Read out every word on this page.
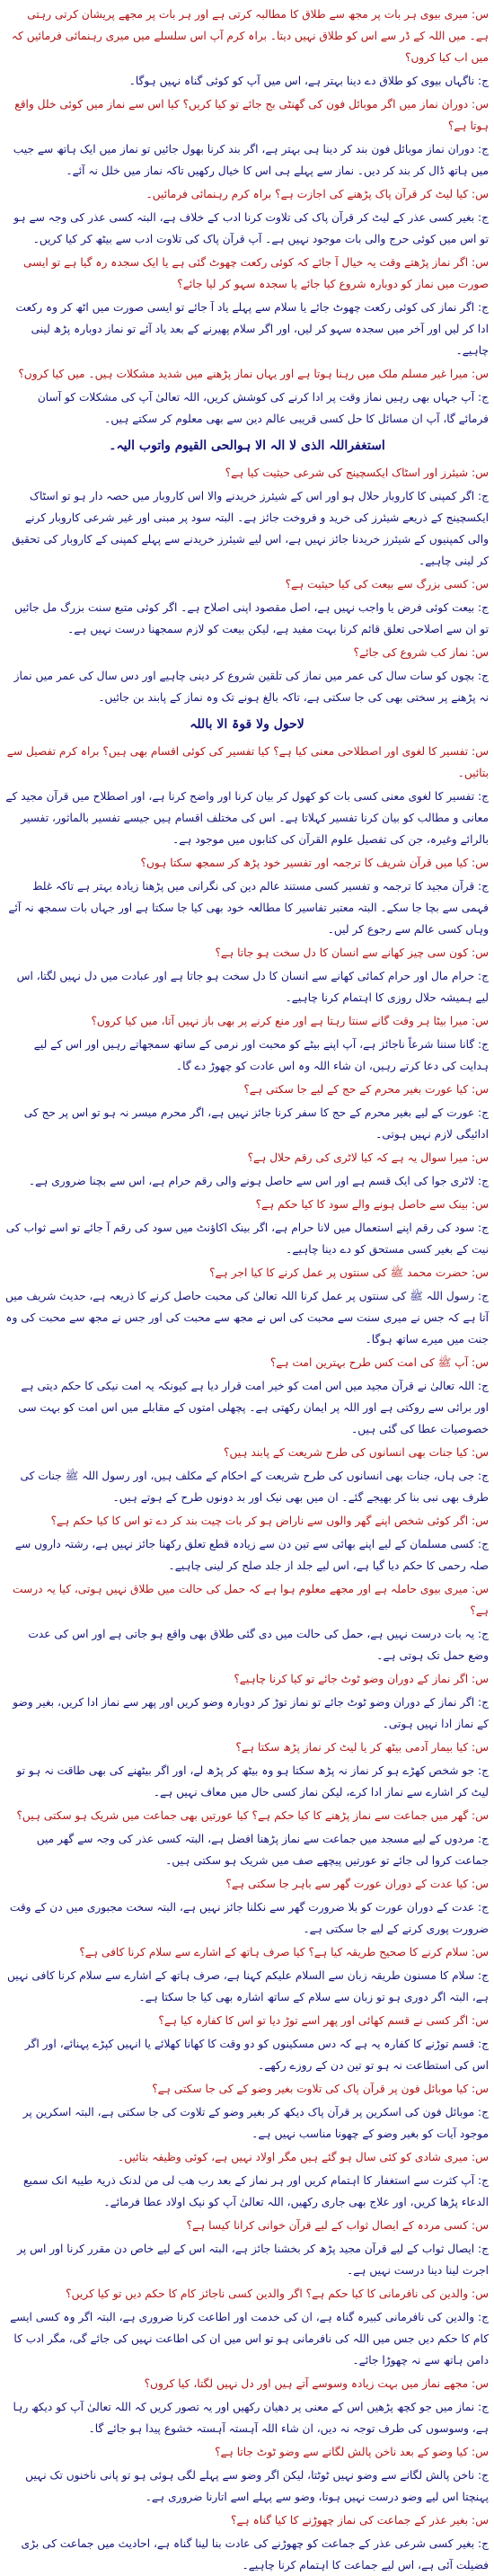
س: میری بیوی ہر بات پر مجھ سے طلاق کا مطالبہ کرتی ہے اور ہر بات پر مجھے پریشان کرتی رہتی ہے۔ میں اللہ کے ڈر سے اس کو طلاق نہیں دیتا۔ براہ کرم آپ اس سلسلے میں میری رہنمائی فرمائیں کہ میں اب کیا کروں؟
ج: ناگہاں بیوی کو طلاق دے دینا بہتر ہے، اس میں آپ کو کوئی گناہ نہیں ہوگا۔
س: دوران نماز میں اگر موبائل فون کی گھنٹی بج جائے تو کیا کریں؟ کیا اس سے نماز میں کوئی خلل واقع ہوتا ہے؟
ج: دوران نماز موبائل فون بند کر دینا ہی بہتر ہے، اگر بند کرنا بھول جائیں تو نماز میں ایک ہاتھ سے جیب میں ہاتھ ڈال کر بند کر دیں۔ نماز سے پہلے ہی اس کا خیال رکھیں تاکہ نماز میں خلل نہ آئے۔
س: کیا لیٹ کر قرآن پاک پڑھنے کی اجازت ہے؟ براہ کرم رہنمائی فرمائیں۔
ج: بغیر کسی عذر کے لیٹ کر قرآن پاک کی تلاوت کرنا ادب کے خلاف ہے، البتہ کسی عذر کی وجہ سے ہو تو اس میں کوئی حرج والی بات موجود نہیں ہے۔ آپ قرآن پاک کی تلاوت ادب سے بیٹھ کر کیا کریں۔
س: اگر نماز پڑھتے وقت یہ خیال آ جائے کہ کوئی رکعت چھوٹ گئی ہے یا ایک سجدہ رہ گیا ہے تو ایسی صورت میں نماز کو دوبارہ شروع کیا جائے یا سجدہ سہو کر لیا جائے؟
ج: اگر نماز کی کوئی رکعت چھوٹ جائے یا سلام سے پہلے یاد آ جائے تو ایسی صورت میں اٹھ کر وہ رکعت ادا کر لیں اور آخر میں سجدہ سہو کر لیں، اور اگر سلام پھیرنے کے بعد یاد آئے تو نماز دوبارہ پڑھ لینی چاہیے۔
س: میرا غیر مسلم ملک میں رہنا ہوتا ہے اور یہاں نماز پڑھنے میں شدید مشکلات ہیں۔ میں کیا کروں؟
ج: آپ جہاں بھی رہیں نماز وقت پر ادا کرنے کی کوشش کریں، اللہ تعالیٰ آپ کی مشکلات کو آسان فرمائے گا، آپ ان مسائل کا حل کسی قریبی عالم دین سے بھی معلوم کر سکتے ہیں۔
استغفراللہ الذی لا الہ الا ہوالحی القیوم واتوب الیہ۔
س: شیئرز اور اسٹاک ایکسچینج کی شرعی حیثیت کیا ہے؟
ج: اگر کمپنی کا کاروبار حلال ہو اور اس کے شیئرز خریدنے والا اس کاروبار میں حصہ دار ہو تو اسٹاک ایکسچینج کے ذریعے شیئرز کی خرید و فروخت جائز ہے۔ البتہ سود پر مبنی اور غیر شرعی کاروبار کرنے والی کمپنیوں کے شیئرز خریدنا جائز نہیں ہے، اس لیے شیئرز خریدنے سے پہلے کمپنی کے کاروبار کی تحقیق کر لینی چاہیے۔
س: کسی بزرگ سے بیعت کی کیا حیثیت ہے؟
ج: بیعت کوئی فرض یا واجب نہیں ہے، اصل مقصود اپنی اصلاح ہے۔ اگر کوئی متبع سنت بزرگ مل جائیں تو ان سے اصلاحی تعلق قائم کرنا بہت مفید ہے، لیکن بیعت کو لازم سمجھنا درست نہیں ہے۔
س: نماز کب شروع کی جائے؟
ج: بچوں کو سات سال کی عمر میں نماز کی تلقین شروع کر دینی چاہیے اور دس سال کی عمر میں نماز نہ پڑھنے پر سختی بھی کی جا سکتی ہے، تاکہ بالغ ہونے تک وہ نماز کے پابند بن جائیں۔
لاحول ولا قوۃ الا باللہ
س: تفسیر کا لغوی اور اصطلاحی معنی کیا ہے؟ کیا تفسیر کی کوئی اقسام بھی ہیں؟ براہ کرم تفصیل سے بتائیں۔
ج: تفسیر کا لغوی معنی کسی بات کو کھول کر بیان کرنا اور واضح کرنا ہے، اور اصطلاح میں قرآن مجید کے معانی و مطالب کو بیان کرنا تفسیر کہلاتا ہے۔ اس کی مختلف اقسام ہیں جیسے تفسیر بالماثور، تفسیر بالرائے وغیرہ، جن کی تفصیل علوم القرآن کی کتابوں میں موجود ہے۔
س: کیا میں قرآن شریف کا ترجمہ اور تفسیر خود پڑھ کر سمجھ سکتا ہوں؟
ج: قرآن مجید کا ترجمہ و تفسیر کسی مستند عالم دین کی نگرانی میں پڑھنا زیادہ بہتر ہے تاکہ غلط فہمی سے بچا جا سکے۔ البتہ معتبر تفاسیر کا مطالعہ خود بھی کیا جا سکتا ہے اور جہاں بات سمجھ نہ آئے وہاں کسی عالم سے رجوع کر لیں۔
س: کون سی چیز کھانے سے انسان کا دل سخت ہو جاتا ہے؟
ج: حرام مال اور حرام کمائی کھانے سے انسان کا دل سخت ہو جاتا ہے اور عبادت میں دل نہیں لگتا، اس لیے ہمیشہ حلال روزی کا اہتمام کرنا چاہیے۔
س: میرا بیٹا ہر وقت گانے سنتا رہتا ہے اور منع کرنے پر بھی باز نہیں آتا، میں کیا کروں؟
ج: گانا سننا شرعاً ناجائز ہے، آپ اپنے بیٹے کو محبت اور نرمی کے ساتھ سمجھاتے رہیں اور اس کے لیے ہدایت کی دعا کرتے رہیں، ان شاء اللہ وہ اس عادت کو چھوڑ دے گا۔
س: کیا عورت بغیر محرم کے حج کے لیے جا سکتی ہے؟
ج: عورت کے لیے بغیر محرم کے حج کا سفر کرنا جائز نہیں ہے، اگر محرم میسر نہ ہو تو اس پر حج کی ادائیگی لازم نہیں ہوتی۔
س: میرا سوال یہ ہے کہ کیا لاٹری کی رقم حلال ہے؟
ج: لاٹری جوا کی ایک قسم ہے اور اس سے حاصل ہونے والی رقم حرام ہے، اس سے بچنا ضروری ہے۔
س: بینک سے حاصل ہونے والے سود کا کیا حکم ہے؟
ج: سود کی رقم اپنے استعمال میں لانا حرام ہے، اگر بینک اکاؤنٹ میں سود کی رقم آ جائے تو اسے ثواب کی نیت کے بغیر کسی مستحق کو دے دینا چاہیے۔
س: حضرت محمد ﷺ کی سنتوں پر عمل کرنے کا کیا اجر ہے؟
ج: رسول اللہ ﷺ کی سنتوں پر عمل کرنا اللہ تعالیٰ کی محبت حاصل کرنے کا ذریعہ ہے، حدیث شریف میں آتا ہے کہ جس نے میری سنت سے محبت کی اس نے مجھ سے محبت کی اور جس نے مجھ سے محبت کی وہ جنت میں میرے ساتھ ہوگا۔
س: آپ ﷺ کی امت کس طرح بہترین امت ہے؟
ج: اللہ تعالیٰ نے قرآن مجید میں اس امت کو خیر امت قرار دیا ہے کیونکہ یہ امت نیکی کا حکم دیتی ہے اور برائی سے روکتی ہے اور اللہ پر ایمان رکھتی ہے۔ پچھلی امتوں کے مقابلے میں اس امت کو بہت سی خصوصیات عطا کی گئی ہیں۔
س: کیا جنات بھی انسانوں کی طرح شریعت کے پابند ہیں؟
ج: جی ہاں، جنات بھی انسانوں کی طرح شریعت کے احکام کے مکلف ہیں، اور رسول اللہ ﷺ جنات کی طرف بھی نبی بنا کر بھیجے گئے۔ ان میں بھی نیک اور بد دونوں طرح کے ہوتے ہیں۔
س: اگر کوئی شخص اپنے گھر والوں سے ناراض ہو کر بات چیت بند کر دے تو اس کا کیا حکم ہے؟
ج: کسی مسلمان کے لیے اپنے بھائی سے تین دن سے زیادہ قطع تعلق رکھنا جائز نہیں ہے، رشتہ داروں سے صلہ رحمی کا حکم دیا گیا ہے، اس لیے جلد از جلد صلح کر لینی چاہیے۔
س: میری بیوی حاملہ ہے اور مجھے معلوم ہوا ہے کہ حمل کی حالت میں طلاق نہیں ہوتی، کیا یہ درست ہے؟
ج: یہ بات درست نہیں ہے، حمل کی حالت میں دی گئی طلاق بھی واقع ہو جاتی ہے اور اس کی عدت وضع حمل تک ہوتی ہے۔
س: اگر نماز کے دوران وضو ٹوٹ جائے تو کیا کرنا چاہیے؟
ج: اگر نماز کے دوران وضو ٹوٹ جائے تو نماز توڑ کر دوبارہ وضو کریں اور پھر سے نماز ادا کریں، بغیر وضو کے نماز ادا نہیں ہوتی۔
س: کیا بیمار آدمی بیٹھ کر یا لیٹ کر نماز پڑھ سکتا ہے؟
ج: جو شخص کھڑے ہو کر نماز نہ پڑھ سکتا ہو وہ بیٹھ کر پڑھ لے، اور اگر بیٹھنے کی بھی طاقت نہ ہو تو لیٹ کر اشارے سے نماز ادا کرے، لیکن نماز کسی حال میں معاف نہیں ہے۔
س: گھر میں جماعت سے نماز پڑھنے کا کیا حکم ہے؟ کیا عورتیں بھی جماعت میں شریک ہو سکتی ہیں؟
ج: مردوں کے لیے مسجد میں جماعت سے نماز پڑھنا افضل ہے، البتہ کسی عذر کی وجہ سے گھر میں جماعت کروا لی جائے تو عورتیں پیچھے صف میں شریک ہو سکتی ہیں۔
س: کیا عدت کے دوران عورت گھر سے باہر جا سکتی ہے؟
ج: عدت کے دوران عورت کو بلا ضرورت گھر سے نکلنا جائز نہیں ہے، البتہ سخت مجبوری میں دن کے وقت ضرورت پوری کرنے کے لیے جا سکتی ہے۔
س: سلام کرنے کا صحیح طریقہ کیا ہے؟ کیا صرف ہاتھ کے اشارے سے سلام کرنا کافی ہے؟
ج: سلام کا مسنون طریقہ زبان سے السلام علیکم کہنا ہے، صرف ہاتھ کے اشارے سے سلام کرنا کافی نہیں ہے، البتہ اگر دوری ہو تو زبان سے سلام کے ساتھ اشارہ بھی کیا جا سکتا ہے۔
س: اگر کسی نے قسم کھائی اور پھر اسے توڑ دیا تو اس کا کفارہ کیا ہے؟
ج: قسم توڑنے کا کفارہ یہ ہے کہ دس مسکینوں کو دو وقت کا کھانا کھلائے یا انہیں کپڑے پہنائے، اور اگر اس کی استطاعت نہ ہو تو تین دن کے روزے رکھے۔
س: کیا موبائل فون پر قرآن پاک کی تلاوت بغیر وضو کے کی جا سکتی ہے؟
ج: موبائل فون کی اسکرین پر قرآن پاک دیکھ کر بغیر وضو کے تلاوت کی جا سکتی ہے، البتہ اسکرین پر موجود آیات کو بغیر وضو کے چھونا مناسب نہیں ہے۔
س: میری شادی کو کئی سال ہو گئے ہیں مگر اولاد نہیں ہے، کوئی وظیفہ بتائیں۔
ج: آپ کثرت سے استغفار کا اہتمام کریں اور ہر نماز کے بعد رب ھب لی من لدنک ذریۃ طیبۃ انک سمیع الدعاء پڑھا کریں، اور علاج بھی جاری رکھیں، اللہ تعالیٰ آپ کو نیک اولاد عطا فرمائے۔
س: کسی مردہ کے ایصال ثواب کے لیے قرآن خوانی کرانا کیسا ہے؟
ج: ایصال ثواب کے لیے قرآن مجید پڑھ کر بخشنا جائز ہے، البتہ اس کے لیے خاص دن مقرر کرنا اور اس پر اجرت لینا دینا درست نہیں ہے۔
س: والدین کی نافرمانی کا کیا حکم ہے؟ اگر والدین کسی ناجائز کام کا حکم دیں تو کیا کریں؟
ج: والدین کی نافرمانی کبیرہ گناہ ہے، ان کی خدمت اور اطاعت کرنا ضروری ہے، البتہ اگر وہ کسی ایسے کام کا حکم دیں جس میں اللہ کی نافرمانی ہو تو اس میں ان کی اطاعت نہیں کی جائے گی، مگر ادب کا دامن ہاتھ سے نہ چھوڑا جائے۔
س: مجھے نماز میں بہت زیادہ وسوسے آتے ہیں اور دل نہیں لگتا، کیا کروں؟
ج: نماز میں جو کچھ پڑھیں اس کے معنی پر دھیان رکھیں اور یہ تصور کریں کہ اللہ تعالیٰ آپ کو دیکھ رہا ہے، وسوسوں کی طرف توجہ نہ دیں، ان شاء اللہ آہستہ آہستہ خشوع پیدا ہو جائے گا۔
س: کیا وضو کے بعد ناخن پالش لگانے سے وضو ٹوٹ جاتا ہے؟
ج: ناخن پالش لگانے سے وضو نہیں ٹوٹتا، لیکن اگر وضو سے پہلے لگی ہوئی ہو تو پانی ناخنوں تک نہیں پہنچتا اس لیے وضو درست نہیں ہوتا، وضو سے پہلے اسے اتارنا ضروری ہے۔
س: بغیر عذر کے جماعت کی نماز چھوڑنے کا کیا گناہ ہے؟
ج: بغیر کسی شرعی عذر کے جماعت کو چھوڑنے کی عادت بنا لینا گناہ ہے، احادیث میں جماعت کی بڑی فضیلت آئی ہے، اس لیے جماعت کا اہتمام کرنا چاہیے۔
